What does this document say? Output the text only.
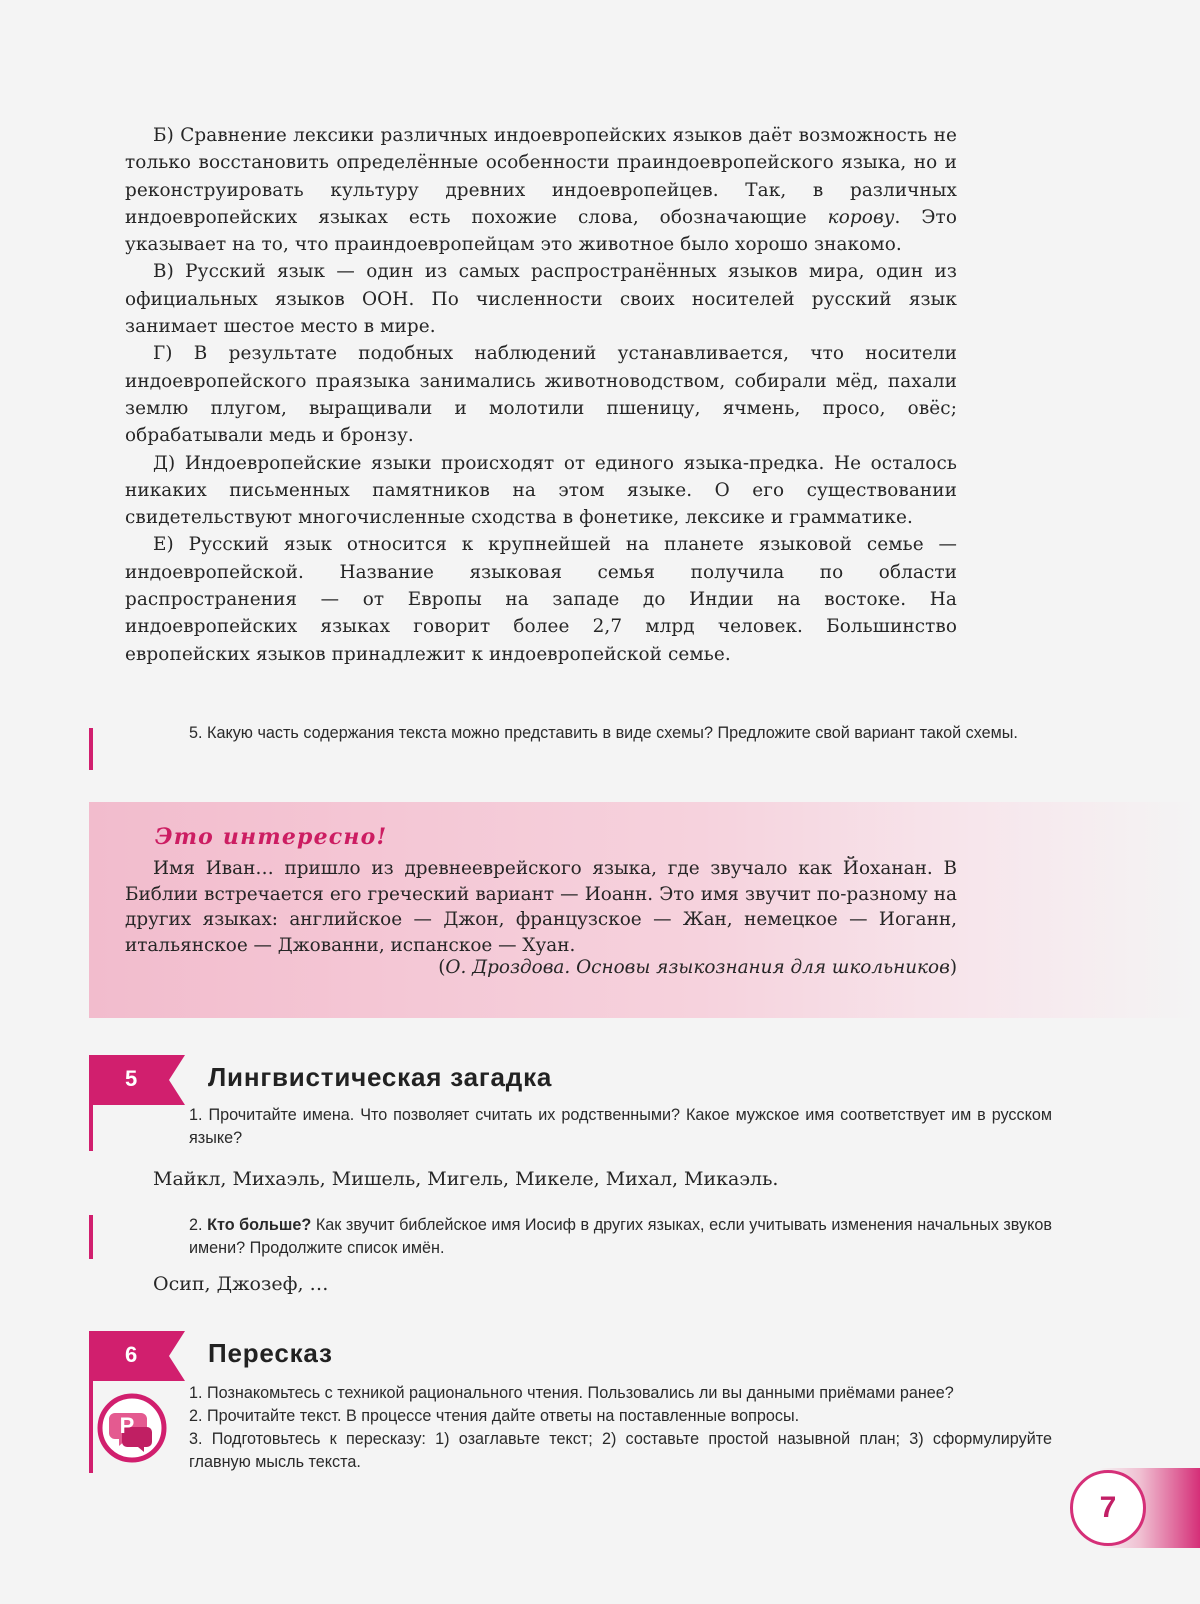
Б) Сравнение лексики различных индоевропейских языков даёт возможность не только восстановить определённые особенности праиндоевропейского языка, но и реконструировать культуру древних индоевропейцев. Так, в различных индоевропейских языках есть похожие слова, обозначающие корову. Это указывает на то, что праиндоевропейцам это животное было хорошо знакомо.

В) Русский язык — один из самых распространённых языков мира, один из официальных языков ООН. По численности своих носителей русский язык занимает шестое место в мире.

Г) В результате подобных наблюдений устанавливается, что носители индоевропейского праязыка занимались животноводством, собирали мёд, пахали землю плугом, выращивали и молотили пшеницу, ячмень, просо, овёс; обрабатывали медь и бронзу.

Д) Индоевропейские языки происходят от единого языка-предка. Не осталось никаких письменных памятников на этом языке. О его существовании свидетельствуют многочисленные сходства в фонетике, лексике и грамматике.

Е) Русский язык относится к крупнейшей на планете языковой семье — индоевропейской. Название языковая семья получила по области распространения — от Европы на западе до Индии на востоке. На индоевропейских языках говорит более 2,7 млрд человек. Большинство европейских языков принадлежит к индоевропейской семье.

5. Какую часть содержания текста можно представить в виде схемы? Предложите свой вариант такой схемы.
Это интересно!

Имя Иван… пришло из древнееврейского языка, где звучало как Йоханан. В Библии встречается его греческий вариант — Иоанн. Это имя звучит по-разному на других языках: английское — Джон, французское — Жан, немецкое — Иоганн, итальянское — Джованни, испанское — Хуан.

(О. Дроздова. Основы языкознания для школьников)
5	Лингвистическая загадка
1. Прочитайте имена. Что позволяет считать их родственными? Какое мужское имя соответствует им в русском языке?
Майкл, Михаэль, Мишель, Мигель, Микеле, Михал, Микаэль.
2. Кто больше? Как звучит библейское имя Иосиф в других языках, если учитывать изменения начальных звуков имени? Продолжите список имён.
Осип, Джозеф, …
6	Пересказ
P
1. Познакомьтесь с техникой рационального чтения. Пользовались ли вы данными приёмами ранее?
2. Прочитайте текст. В процессе чтения дайте ответы на поставленные вопросы.
3. Подготовьтесь к пересказу: 1) озаглавьте текст; 2) составьте простой назывной план; 3) сформулируйте главную мысль текста.
7
